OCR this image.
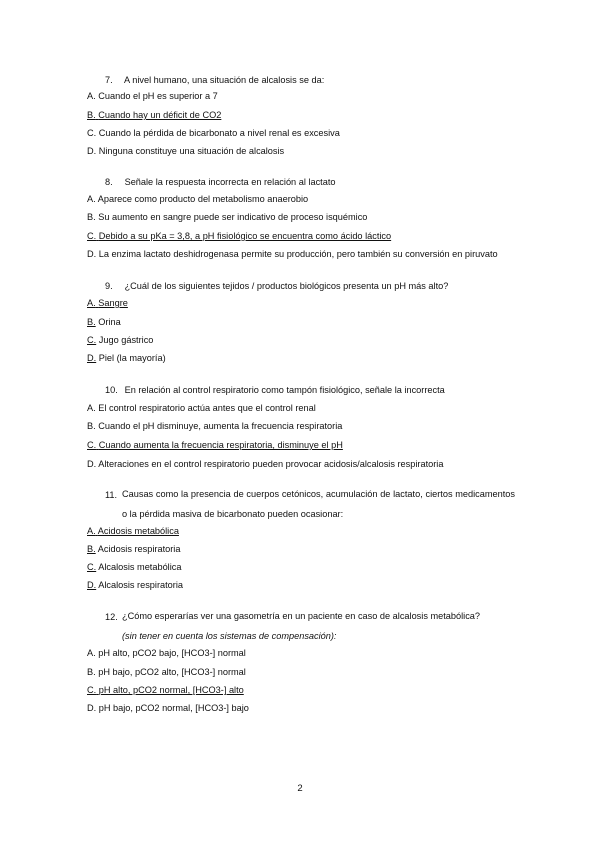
7. A nivel humano, una situación de alcalosis se da:
A. Cuando el pH es superior a 7
B. Cuando hay un déficit de CO2
C. Cuando la pérdida de bicarbonato a nivel renal es excesiva
D. Ninguna constituye una situación de alcalosis
8. Señale la respuesta incorrecta en relación al lactato
A. Aparece como producto del metabolismo anaerobio
B. Su aumento en sangre puede ser indicativo de proceso isquémico
C. Debido a su pKa = 3,8, a pH fisiológico se encuentra como ácido láctico
D. La enzima lactato deshidrogenasa permite su producción, pero también su conversión en piruvato
9. ¿Cuál de los siguientes tejidos / productos biológicos presenta un pH más alto?
A. Sangre
B. Orina
C. Jugo gástrico
D. Piel (la mayoría)
10. En relación al control respiratorio como tampón fisiológico, señale la incorrecta
A. El control respiratorio actúa antes que el control renal
B. Cuando el pH disminuye, aumenta la frecuencia respiratoria
C. Cuando aumenta la frecuencia respiratoria, disminuye el pH
D. Alteraciones en el control respiratorio pueden provocar acidosis/alcalosis respiratoria
11. Causas como la presencia de cuerpos cetónicos, acumulación de lactato, ciertos medicamentos o la pérdida masiva de bicarbonato pueden ocasionar:
A. Acidosis metabólica
B. Acidosis respiratoria
C. Alcalosis metabólica
D. Alcalosis respiratoria
12. ¿Cómo esperarías ver una gasometría en un paciente en caso de alcalosis metabólica?
(sin tener en cuenta los sistemas de compensación):
A. pH alto, pCO2 bajo, [HCO3-] normal
B. pH bajo, pCO2 alto, [HCO3-] normal
C. pH alto, pCO2 normal, [HCO3-] alto
D. pH bajo, pCO2 normal, [HCO3-] bajo
2
